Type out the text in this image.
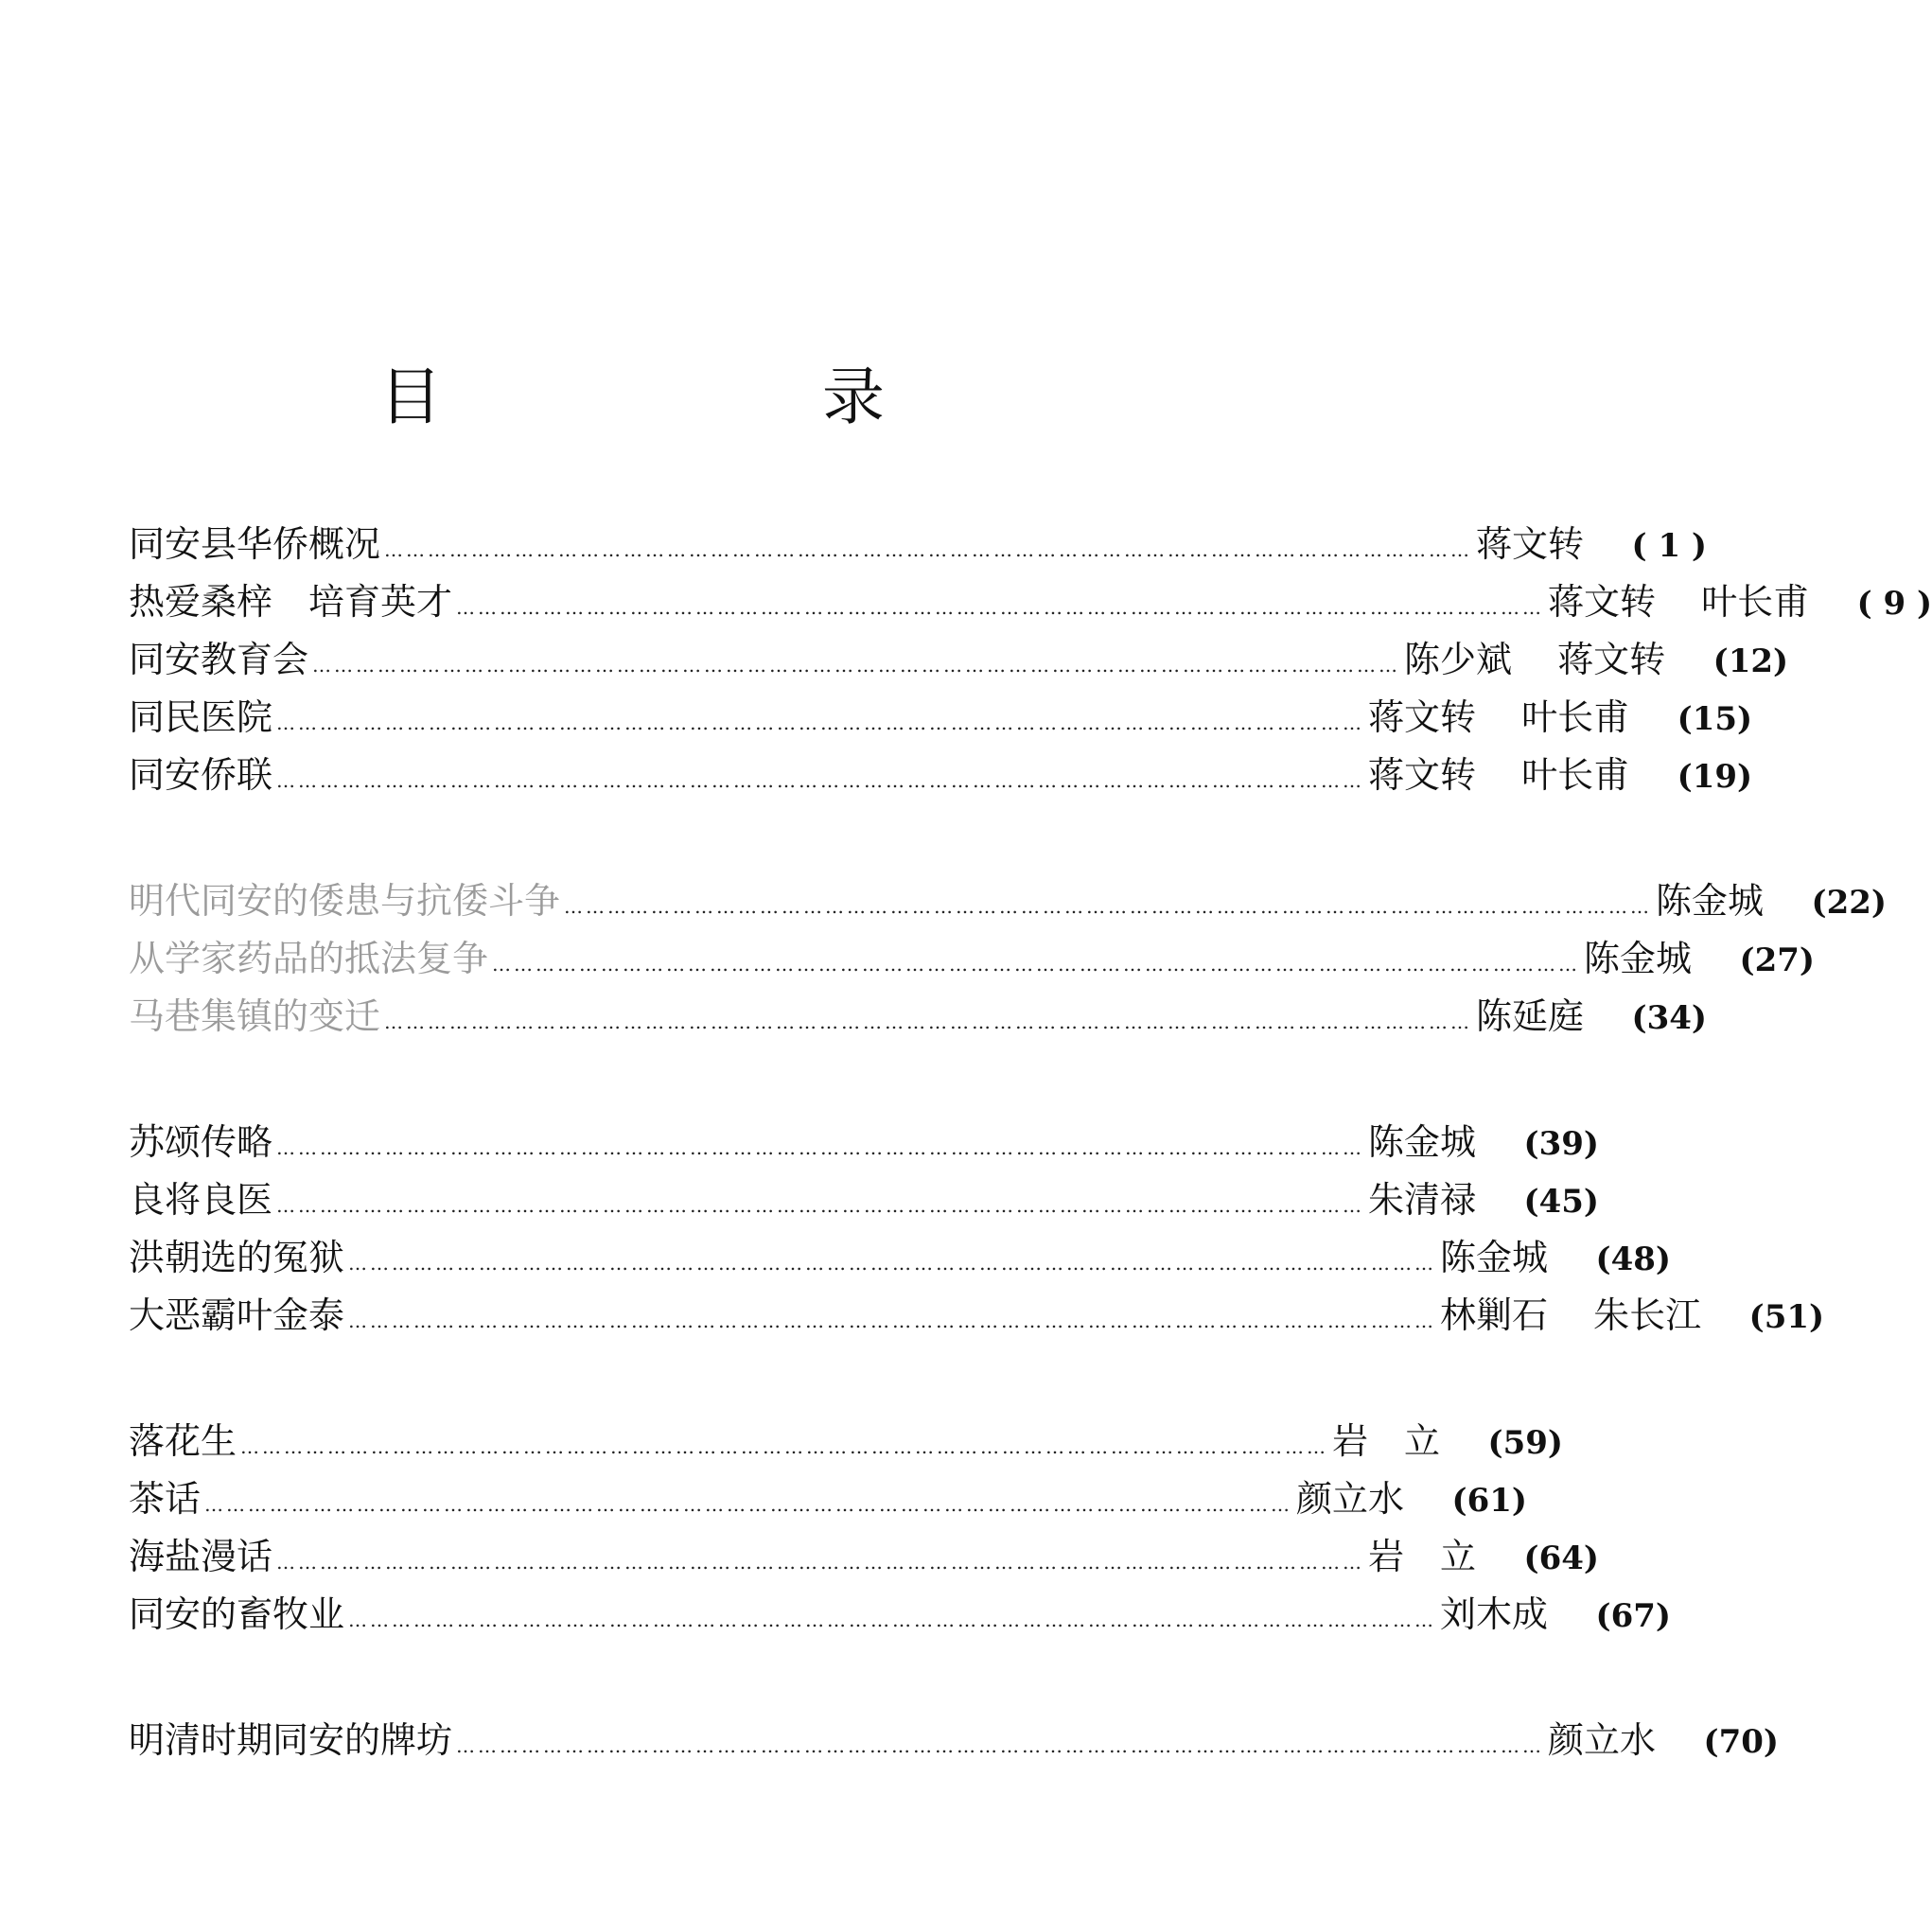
目　录
同安县华侨概况 …………………………………………………………………………………………………………………………………… 蒋文转	( 1 )
热爱桑梓　培育英才 …………………………………………………………………………………………………………………………………… 蒋文转 叶长甫	( 9 )
同安教育会 …………………………………………………………………………………………………………………………………… 陈少斌 蒋文转	(12)
同民医院 …………………………………………………………………………………………………………………………………… 蒋文转 叶长甫	(15)
同安侨联 …………………………………………………………………………………………………………………………………… 蒋文转 叶长甫	(19)
明代同安的倭患与抗倭斗争 …………………………………………………………………………………………………………………………………… 陈金城	(22)
从学家药品的抵法复争 …………………………………………………………………………………………………………………………………… 陈金城	(27)
马巷集镇的变迁 …………………………………………………………………………………………………………………………………… 陈延庭	(34)
苏颂传略 …………………………………………………………………………………………………………………………………… 陈金城	(39)
良将良医 …………………………………………………………………………………………………………………………………… 朱清禄	(45)
洪朝选的冤狱 …………………………………………………………………………………………………………………………………… 陈金城	(48)
大恶霸叶金泰 …………………………………………………………………………………………………………………………………… 林剿石 朱长江	(51)
落花生 …………………………………………………………………………………………………………………………………… 岩　立	(59)
茶话 …………………………………………………………………………………………………………………………………… 颜立水	(61)
海盐漫话 …………………………………………………………………………………………………………………………………… 岩　立	(64)
同安的畜牧业 …………………………………………………………………………………………………………………………………… 刘木成	(67)
明清时期同安的牌坊 …………………………………………………………………………………………………………………………………… 颜立水	(70)
